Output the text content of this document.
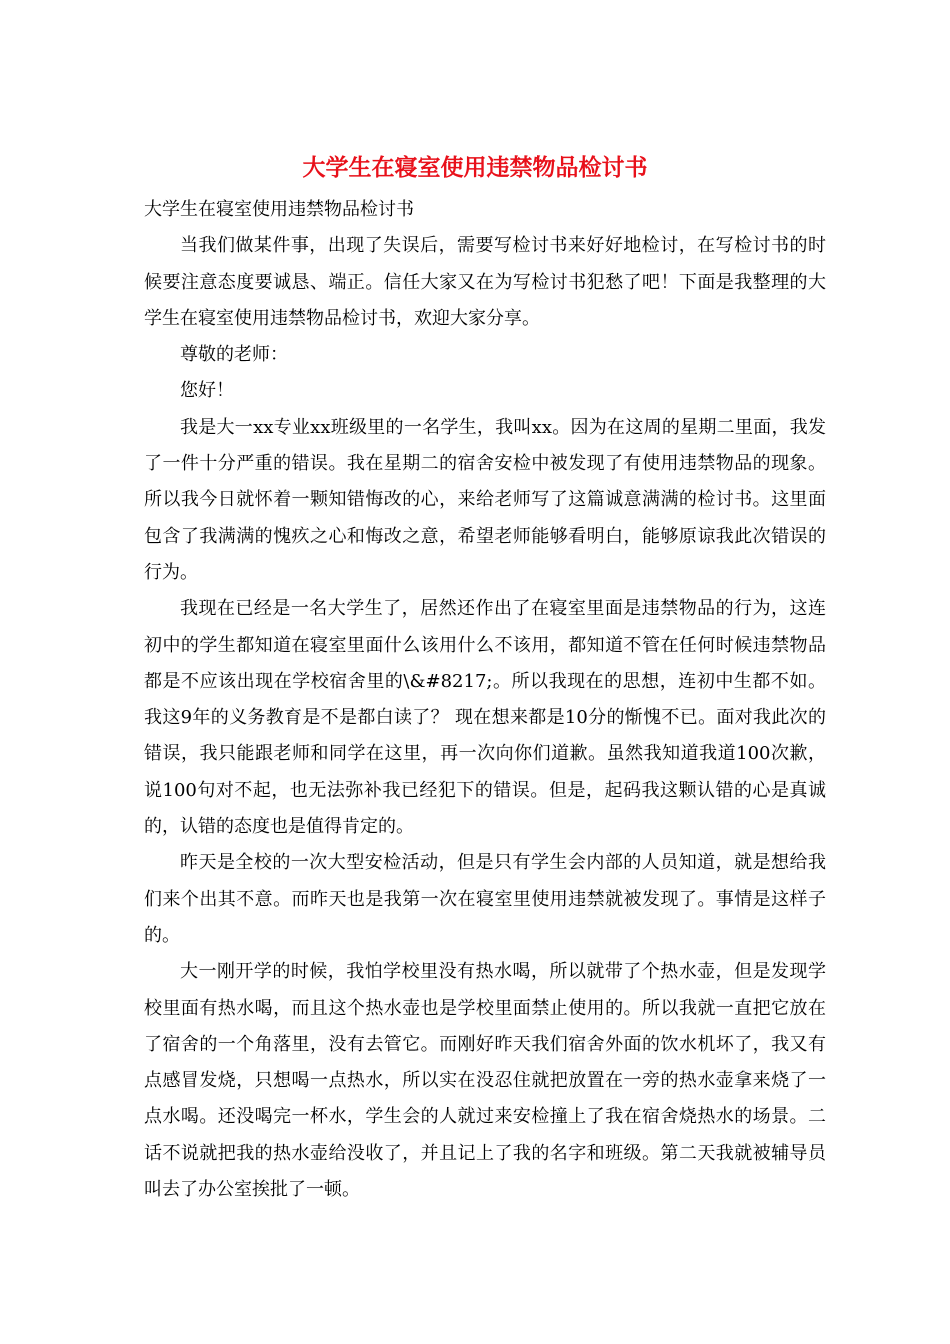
大学生在寝室使用违禁物品检讨书

大学生在寝室使用违禁物品检讨书

当我们做某件事，出现了失误后，需要写检讨书来好好地检讨，在写检讨书的时候要注意态度要诚恳、端正。信任大家又在为写检讨书犯愁了吧！下面是我整理的大学生在寝室使用违禁物品检讨书，欢迎大家分享。

尊敬的老师：

您好！

我是大一xx专业xx班级里的一名学生，我叫xx。因为在这周的星期二里面，我发了一件十分严重的错误。我在星期二的宿舍安检中被发现了有使用违禁物品的现象。所以我今日就怀着一颗知错悔改的心，来给老师写了这篇诚意满满的检讨书。这里面包含了我满满的愧疚之心和悔改之意，希望老师能够看明白，能够原谅我此次错误的行为。

我现在已经是一名大学生了，居然还作出了在寝室里面是违禁物品的行为，这连初中的学生都知道在寝室里面什么该用什么不该用，都知道不管在任何时候违禁物品都是不应该出现在学校宿舍里的\&#8217;。所以我现在的思想，连初中生都不如。我这9年的义务教育是不是都白读了？ 现在想来都是10分的惭愧不已。面对我此次的错误，我只能跟老师和同学在这里，再一次向你们道歉。虽然我知道我道100次歉，说100句对不起，也无法弥补我已经犯下的错误。但是，起码我这颗认错的心是真诚的，认错的态度也是值得肯定的。

昨天是全校的一次大型安检活动，但是只有学生会内部的人员知道，就是想给我们来个出其不意。而昨天也是我第一次在寝室里使用违禁就被发现了。事情是这样子的。

大一刚开学的时候，我怕学校里没有热水喝，所以就带了个热水壶，但是发现学校里面有热水喝，而且这个热水壶也是学校里面禁止使用的。所以我就一直把它放在了宿舍的一个角落里，没有去管它。而刚好昨天我们宿舍外面的饮水机坏了，我又有点感冒发烧，只想喝一点热水，所以实在没忍住就把放置在一旁的热水壶拿来烧了一点水喝。还没喝完一杯水，学生会的人就过来安检撞上了我在宿舍烧热水的场景。二话不说就把我的热水壶给没收了，并且记上了我的名字和班级。第二天我就被辅导员叫去了办公室挨批了一顿。
